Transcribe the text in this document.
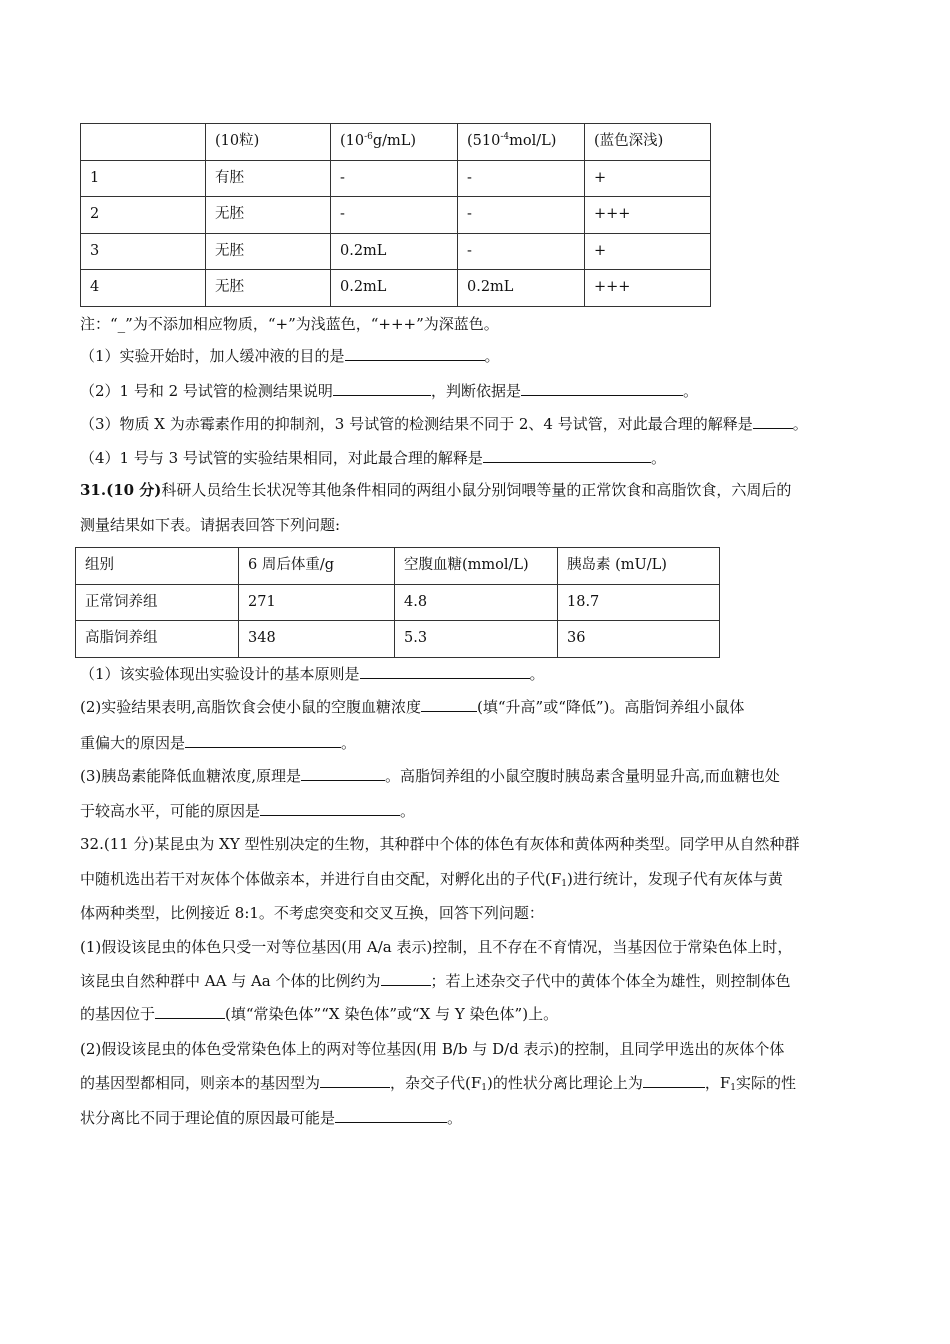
	(10粒)	$(10^{-6}g/mL)$	$(510^{-4}mol/L)$	(蓝色深浅)
1	有胚	-	-	+
2	无胚	-	-	+++
3	无胚	0.2mL	-	+
4	无胚	0.2mL	0.2mL	+++
注：“_”为不添加相应物质，“+”为浅蓝色，“+++”为深蓝色。
（1）实验开始时，加人缓冲液的目的是	。
（2）1 号和 2 号试管的检测结果说明	，判断依据是	。
（3）物质 X 为赤霉素作用的抑制剂，3 号试管的检测结果不同于 2、4 号试管，对此最合理的解释是	。
（4）1 号与 3 号试管的实验结果相同，对此最合理的解释是	。
31.(10 分)科研人员给生长状况等其他条件相同的两组小鼠分别饲喂等量的正常饮食和高脂饮食，六周后的
测量结果如下表。请据表回答下列问题:
组别	6 周后体重/g	空腹血糖(mmol/L)	胰岛素 (mU/L)
正常饲养组	271	4.8	18.7
高脂饲养组	348	5.3	36
（1）该实验体现出实验设计的基本原则是	。
(2)实验结果表明,高脂饮食会使小鼠的空腹血糖浓度	(填“升高”或“降低”)。高脂饲养组小鼠体
重偏大的原因是	。
(3)胰岛素能降低血糖浓度,原理是	。高脂饲养组的小鼠空腹时胰岛素含量明显升高,而血糖也处
于较高水平，可能的原因是	。
32.(11 分)某昆虫为 XY 型性别决定的生物，其种群中个体的体色有灰体和黄体两种类型。同学甲从自然种群
中随机选出若干对灰体个体做亲本，并进行自由交配，对孵化出的子代$(F_1)$进行统计，发现子代有灰体与黄
体两种类型，比例接近 8:1。不考虑突变和交叉互换，回答下列问题：
(1)假设该昆虫的体色只受一对等位基因(用 A/a 表示)控制，且不存在不育情况，当基因位于常染色体上时，
该昆虫自然种群中 AA 与 Aa 个体的比例约为	；若上述杂交子代中的黄体个体全为雄性，则控制体色
的基因位于	(填“常染色体”“X 染色体”或“X 与 Y 染色体”)上。
(2)假设该昆虫的体色受常染色体上的两对等位基因(用 B/b 与 D/d 表示)的控制，且同学甲选出的灰体个体
的基因型都相同，则亲本的基因型为	，杂交子代$(F_1)$的性状分离比理论上为	，$F_1$实际的性
状分离比不同于理论值的原因最可能是	。
